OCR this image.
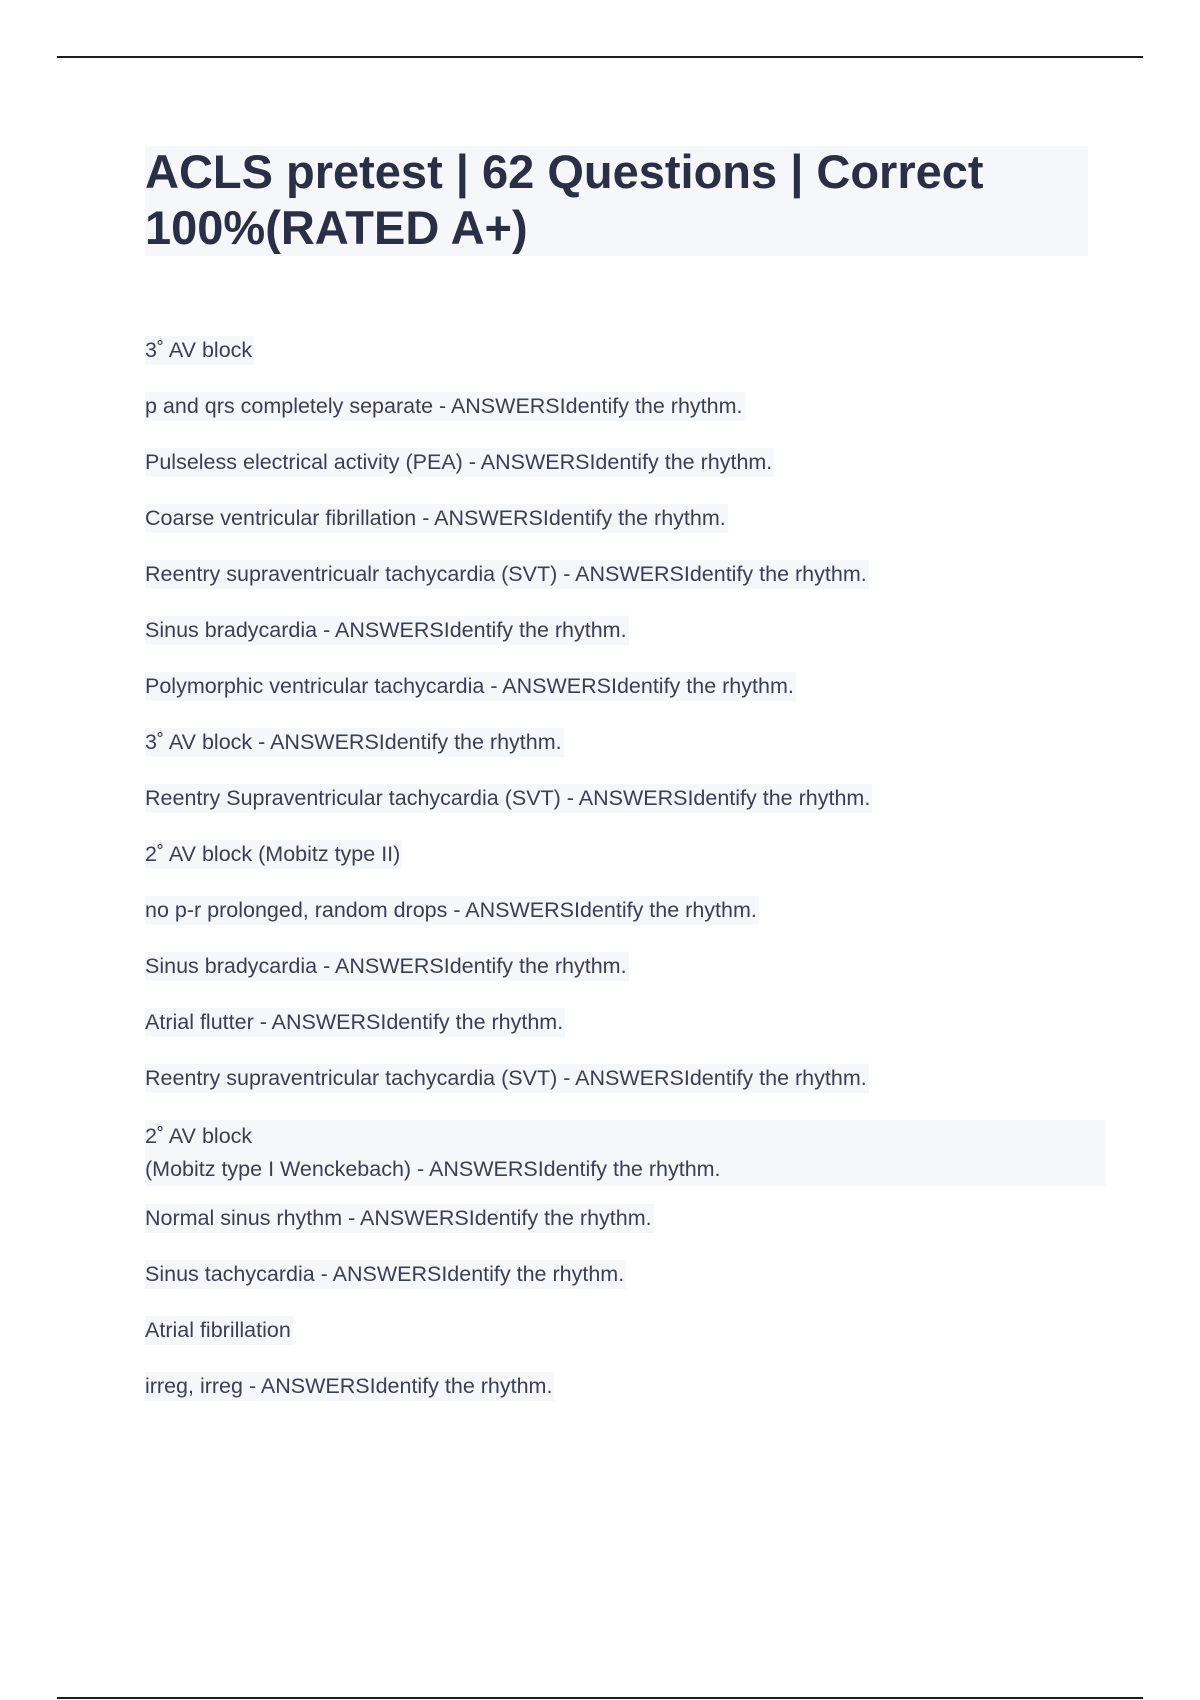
ACLS pretest | 62 Questions | Correct 100%(RATED A+)
3˚ AV block
p and qrs completely separate - ANSWERSIdentify the rhythm.
Pulseless electrical activity (PEA) - ANSWERSIdentify the rhythm.
Coarse ventricular fibrillation - ANSWERSIdentify the rhythm.
Reentry supraventricualr tachycardia (SVT) - ANSWERSIdentify the rhythm.
Sinus bradycardia - ANSWERSIdentify the rhythm.
Polymorphic ventricular tachycardia - ANSWERSIdentify the rhythm.
3˚ AV block - ANSWERSIdentify the rhythm.
Reentry Supraventricular tachycardia (SVT) - ANSWERSIdentify the rhythm.
2˚ AV block (Mobitz type II)
no p-r prolonged, random drops - ANSWERSIdentify the rhythm.
Sinus bradycardia - ANSWERSIdentify the rhythm.
Atrial flutter - ANSWERSIdentify the rhythm.
Reentry supraventricular tachycardia (SVT) - ANSWERSIdentify the rhythm.
2˚ AV block
(Mobitz type I Wenckebach) - ANSWERSIdentify the rhythm.
Normal sinus rhythm - ANSWERSIdentify the rhythm.
Sinus tachycardia - ANSWERSIdentify the rhythm.
Atrial fibrillation
irreg, irreg - ANSWERSIdentify the rhythm.
